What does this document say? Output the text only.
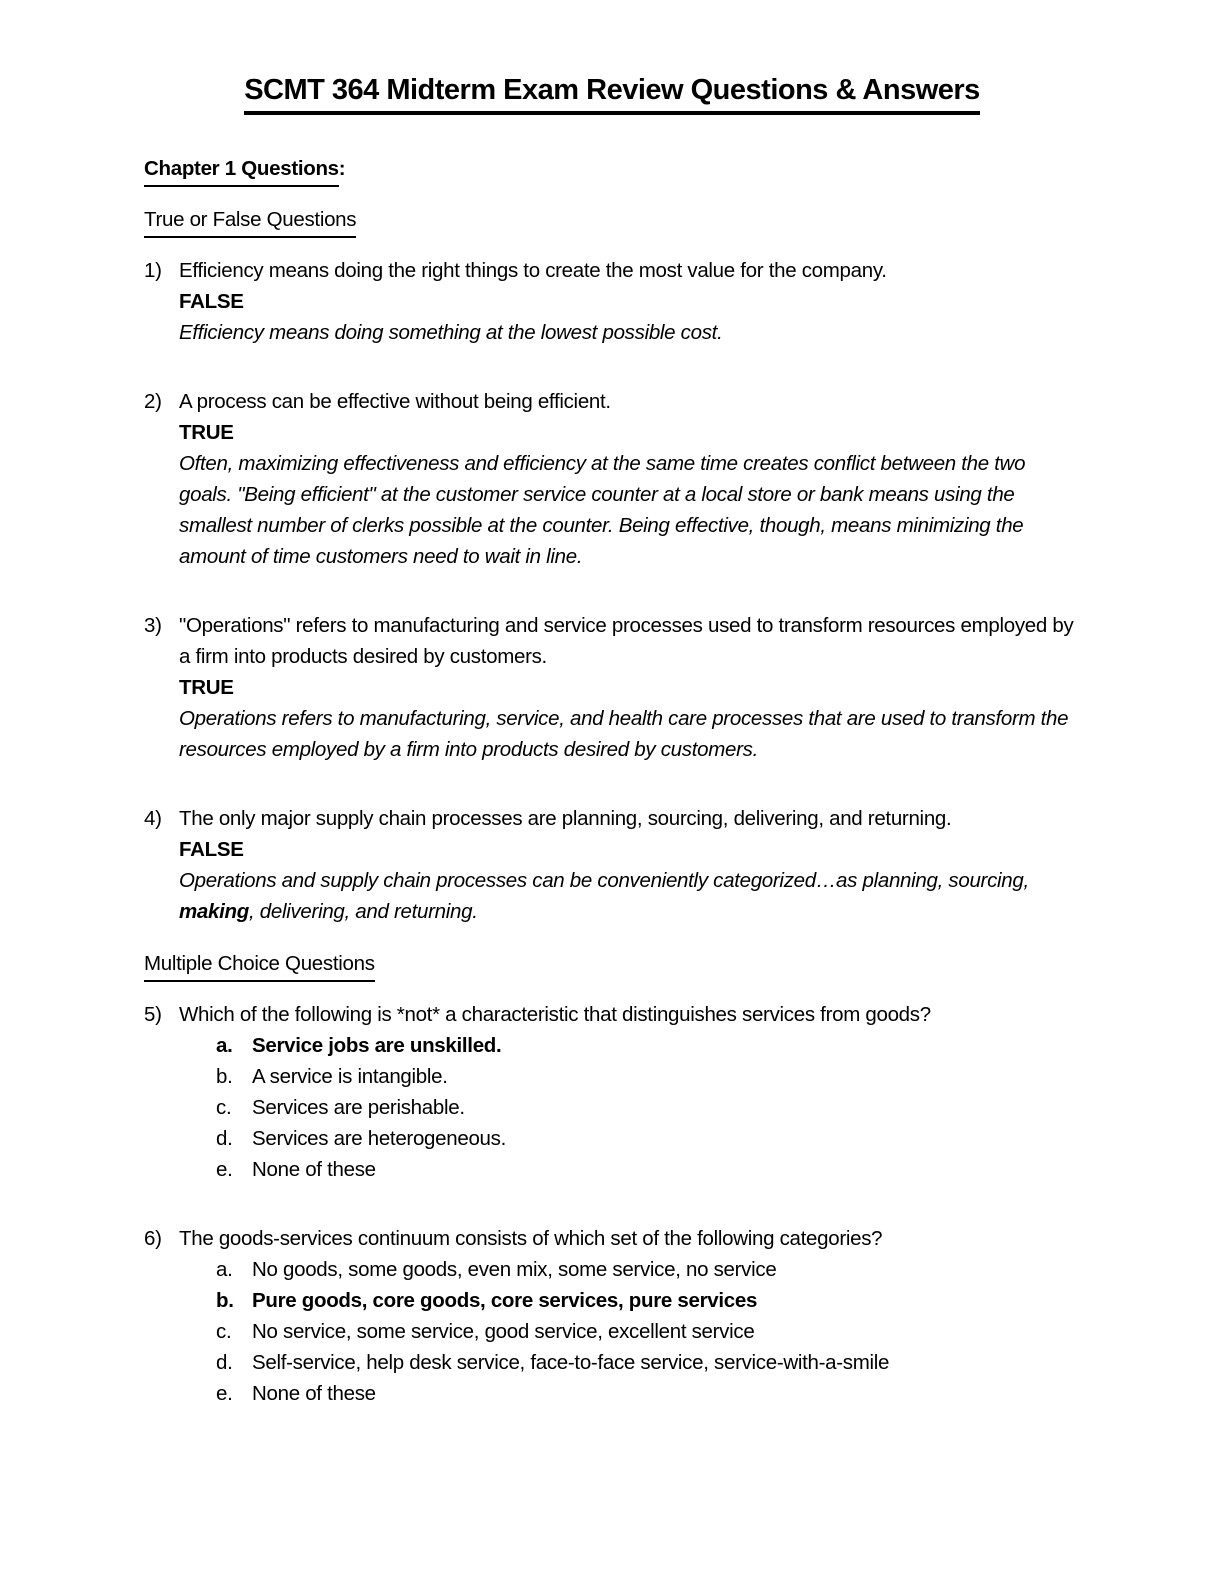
SCMT 364 Midterm Exam Review Questions & Answers
Chapter 1 Questions:
True or False Questions
1) Efficiency means doing the right things to create the most value for the company.
FALSE
Efficiency means doing something at the lowest possible cost.
2) A process can be effective without being efficient.
TRUE
Often, maximizing effectiveness and efficiency at the same time creates conflict between the two goals. "Being efficient" at the customer service counter at a local store or bank means using the smallest number of clerks possible at the counter. Being effective, though, means minimizing the amount of time customers need to wait in line.
3) "Operations" refers to manufacturing and service processes used to transform resources employed by a firm into products desired by customers.
TRUE
Operations refers to manufacturing, service, and health care processes that are used to transform the resources employed by a firm into products desired by customers.
4) The only major supply chain processes are planning, sourcing, delivering, and returning.
FALSE
Operations and supply chain processes can be conveniently categorized…as planning, sourcing, making, delivering, and returning.
Multiple Choice Questions
5) Which of the following is *not* a characteristic that distinguishes services from goods?
a. Service jobs are unskilled.
b. A service is intangible.
c.	Services are perishable.
d. Services are heterogeneous.
e. None of these
6) The goods-services continuum consists of which set of the following categories?
a. No goods, some goods, even mix, some service, no service
b. Pure goods, core goods, core services, pure services
c.	No service, some service, good service, excellent service
d. Self-service, help desk service, face-to-face service, service-with-a-smile
e. None of these
